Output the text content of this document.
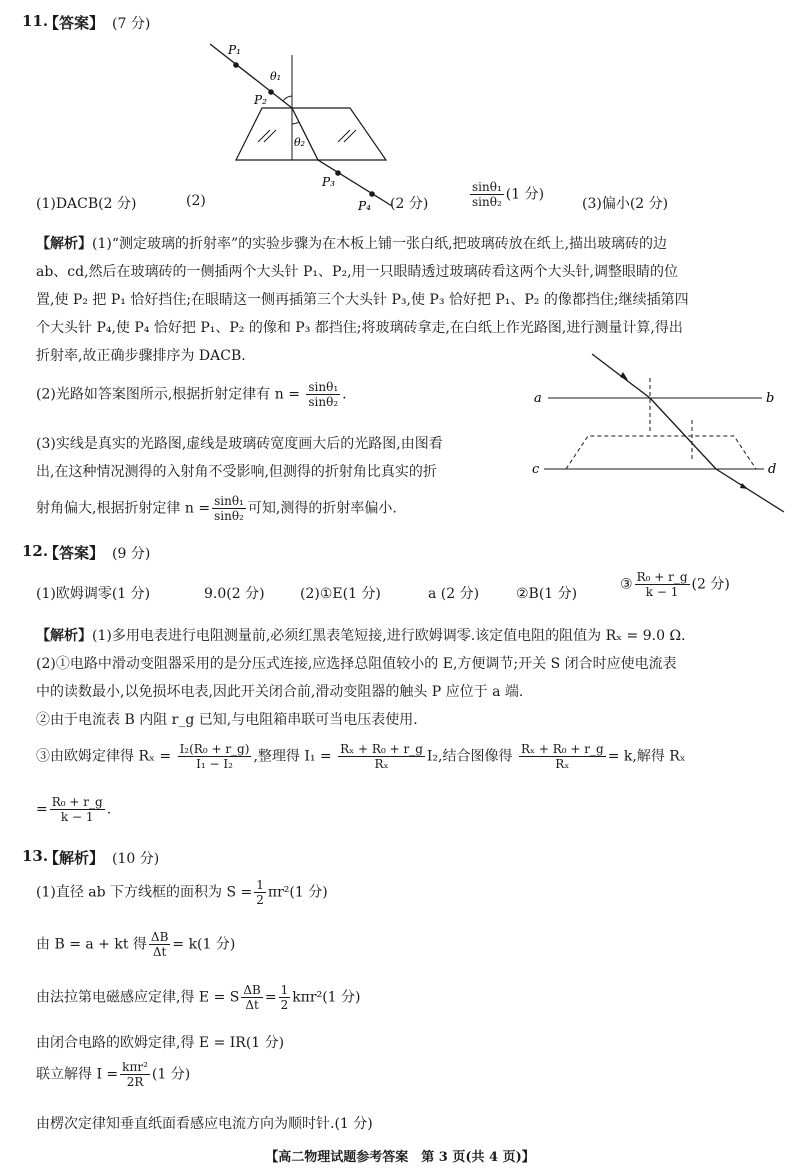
11.
【答案】 (7 分)
P₁
θ₁
P₂
θ₂
P₃
P₄
(1)DACB(2 分)	(2)	(2 分)	$\frac{\text{sinθ₁}}{\text{sinθ₂}} (1$ 分)
(3)偏小(2 分)
【解析】(1)“测定玻璃的折射率”的实验步骤为在木板上铺一张白纸,把玻璃砖放在纸上,描出玻璃砖的边
ab、cd,然后在玻璃砖的一侧插两个大头针 P₁、P₂,用一只眼睛透过玻璃砖看这两个大头针,调整眼睛的位
置,使 P₂ 把 P₁ 恰好挡住;在眼睛这一侧再插第三个大头针 P₃,使 P₃ 恰好把 P₁、P₂ 的像都挡住;继续插第四
个大头针 P₄,使 P₄ 恰好把 P₁、P₂ 的像和 P₃ 都挡住;将玻璃砖拿走,在白纸上作光路图,进行测量计算,得出
折射率,故正确步骤排序为 DACB.
(2)光路如答案图所示,根据折射定律有 $n = \frac{\text{sinθ₁}}{\text{sinθ₂}}$ .
(3)实线是真实的光路图,虚线是玻璃砖宽度画大后的光路图,由图看
出,在这种情况测得的入射角不受影响,但测得的折射角比真实的折
射角偏大,根据折射定律 $n = \frac{\text{sinθ₁}}{\text{sinθ₂}}$ 可知,测得的折射率偏小.
a	b
c	d
12.
【答案】 (9 分)
(1)欧姆调零(1 分)	9.0(2 分)	(2)①E(1 分)	a (2 分)	②B(1 分)
③ $\frac{\text{R₀ + r\_g}}{k - 1} (2$ 分)
【解析】(1)多用电表进行电阻测量前,必须红黑表笔短接,进行欧姆调零.该定值电阻的阻值为 Rₓ = 9.0 Ω.
(2)①电路中滑动变阻器采用的是分压式连接,应选择总阻值较小的 E,方便调节;开关 S 闭合时应使电流表
中的读数最小,以免损坏电表,因此开关闭合前,滑动变阻器的触头 P 应位于 a 端.
②由于电流表 B 内阻 r_g 已知,与电阻箱串联可当电压表使用.
③由欧姆定律得 $R_x = \frac{\text{I₂(R₀ + r\_g)}}{\text{I₁ − I₂}}$ ,整理得 $I_1 = \frac{\text{Rₓ + R₀ + r\_g}}{\text{Rₓ}} I_2$,结合图像得 $\frac{\text{Rₓ + R₀ + r\_g}}{\text{Rₓ}} = k$,解得 Rₓ
= $\frac{\text{R₀ + r\_g}}{k - 1}$ .
13.
【解析】 (10 分)
(1)直径 ab 下方线框的面积为 $S = \frac{1}{2} \pi r^2(1$ 分)
由 B = a + kt 得 $\frac{\Delta B}{\Delta t} = k(1$ 分)
由法拉第电磁感应定律,得 E = S $\frac{\Delta B}{\Delta t} = \frac{1}{2} k\pi r^2(1$ 分)
由闭合电路的欧姆定律,得 E = IR(1 分)
联立解得 $I = \frac{\text{kπr²}}{2R} (1$ 分)
由楞次定律知垂直纸面看感应电流方向为顺时针.(1 分)
【高二物理试题参考答案　第 3 页(共 4 页)】
